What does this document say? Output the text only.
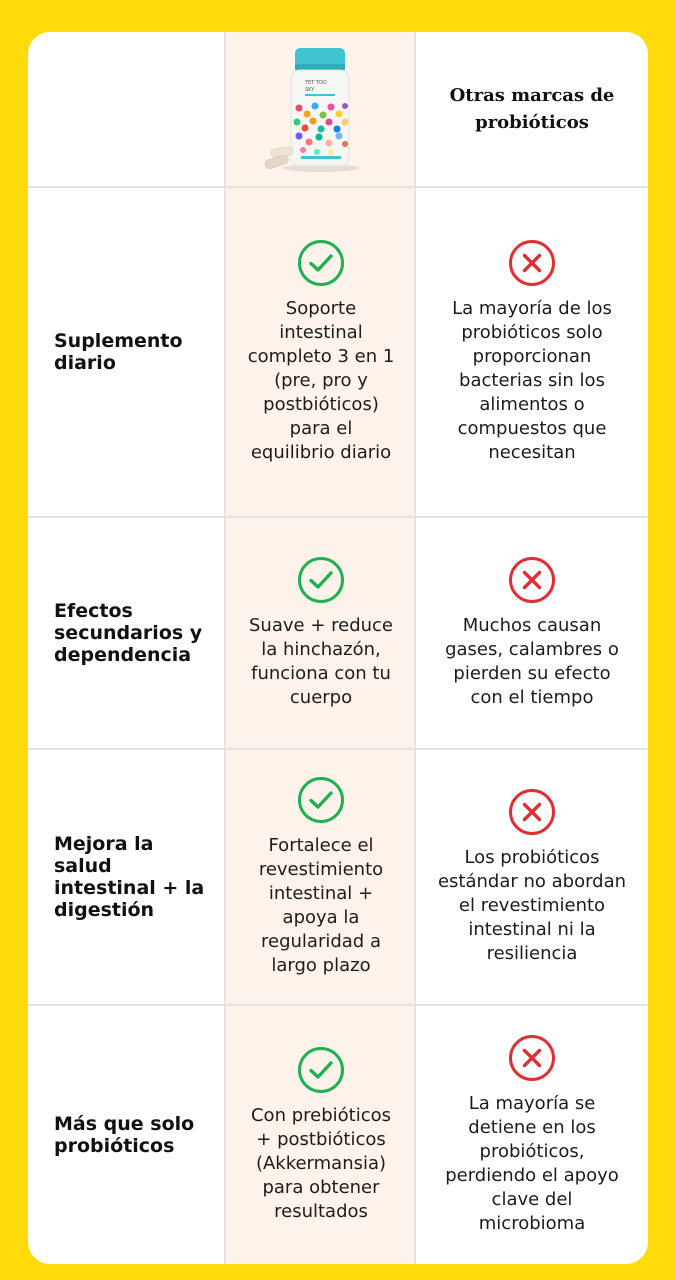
TET TOO
SKY	Otras marcas de probióticos
Suplemento diario
Soporte intestinal completo 3 en 1 (pre, pro y postbióticos) para el equilibrio diario
La mayoría de los probióticos solo proporcionan bacterias sin los alimentos o compuestos que necesitan
Efectos secundarios y dependencia
Suave + reduce la hinchazón, funciona con tu cuerpo
Muchos causan gases, calambres o pierden su efecto con el tiempo
Mejora la salud intestinal + la digestión
Fortalece el revestimiento intestinal + apoya la regularidad a largo plazo
Los probióticos estándar no abordan el revestimiento intestinal ni la resiliencia
Más que solo probióticos
Con prebióticos + postbióticos (Akkermansia) para obtener resultados
La mayoría se detiene en los probióticos, perdiendo el apoyo clave del microbioma
